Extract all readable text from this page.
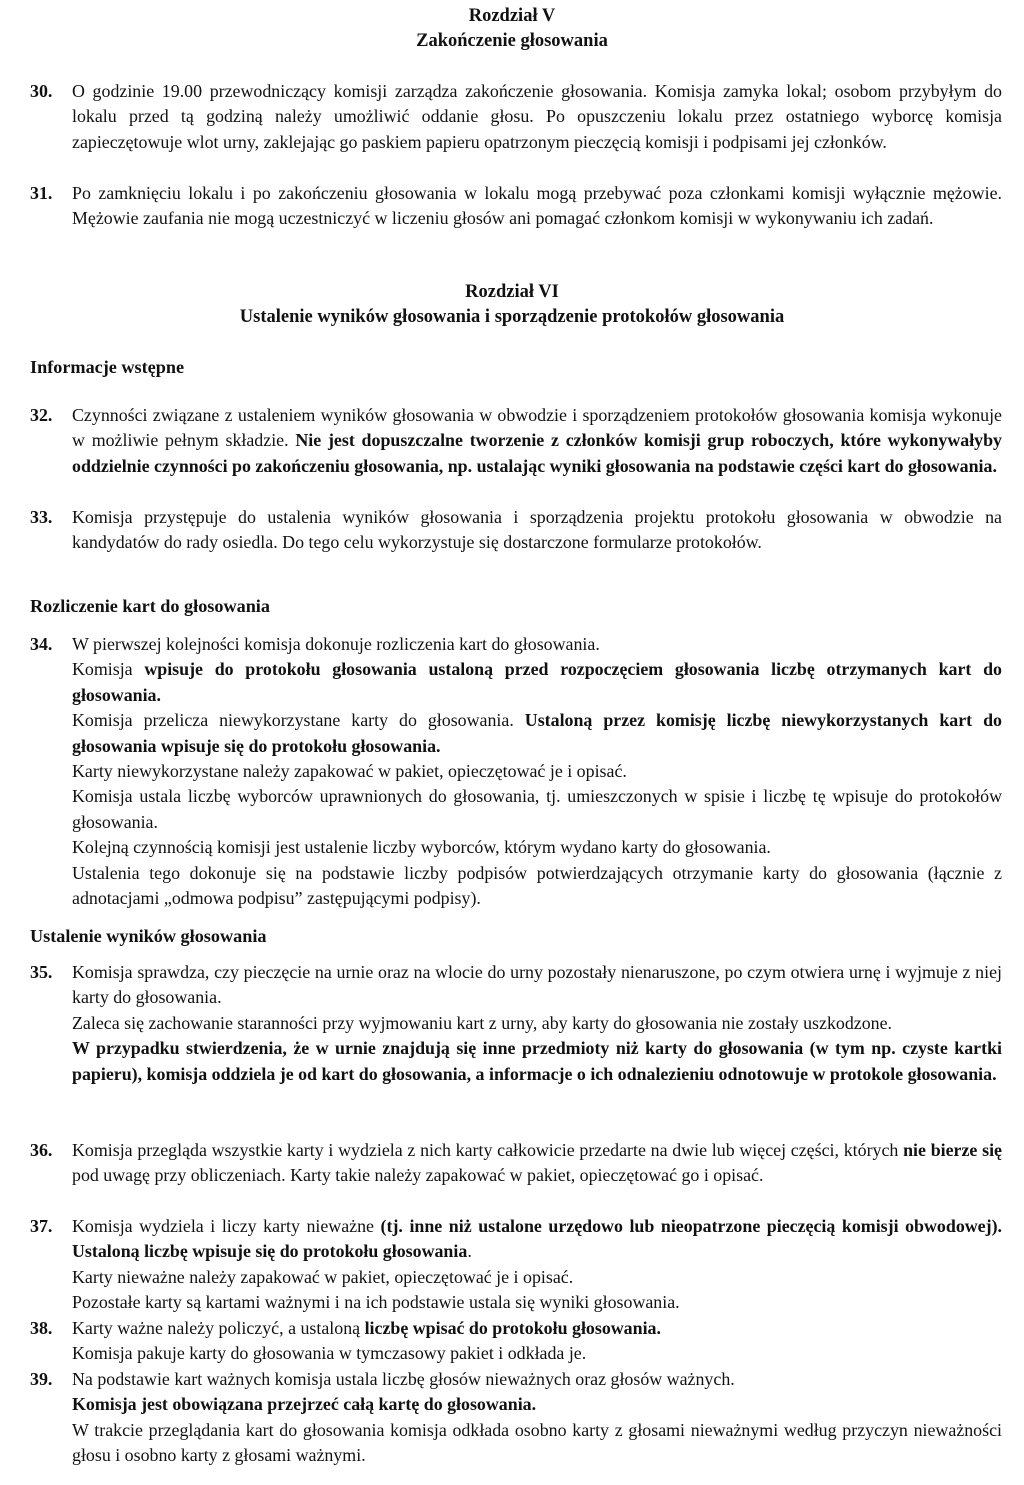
Rozdział V

Zakończenie głosowania

30. O godzinie 19.00 przewodniczący komisji zarządza zakończenie głosowania. Komisja zamyka lokal; osobom przybyłym do lokalu przed tą godziną należy umożliwić oddanie głosu. Po opuszczeniu lokalu przez ostatniego wyborcę komisja zapieczętowuje wlot urny, zaklejając go paskiem papieru opatrzonym pieczęcią komisji i podpisami jej członków.

31. Po zamknięciu lokalu i po zakończeniu głosowania w lokalu mogą przebywać poza członkami komisji wyłącznie mężowie. Mężowie zaufania nie mogą uczestniczyć w liczeniu głosów ani pomagać członkom komisji w wykonywaniu ich zadań.

Rozdział VI

Ustalenie wyników głosowania i sporządzenie protokołów głosowania

Informacje wstępne

32. Czynności związane z ustaleniem wyników głosowania w obwodzie i sporządzeniem protokołów głosowania komisja wykonuje w możliwie pełnym składzie. Nie jest dopuszczalne tworzenie z członków komisji grup roboczych, które wykonywałyby oddzielnie czynności po zakończeniu głosowania, np. ustalając wyniki głosowania na podstawie części kart do głosowania.

33. Komisja przystępuje do ustalenia wyników głosowania i sporządzenia projektu protokołu głosowania w obwodzie na kandydatów do rady osiedla. Do tego celu wykorzystuje się dostarczone formularze protokołów.

Rozliczenie kart do głosowania

34. W pierwszej kolejności komisja dokonuje rozliczenia kart do głosowania.

Komisja wpisuje do protokołu głosowania ustaloną przed rozpoczęciem głosowania liczbę otrzymanych kart do głosowania.

Komisja przelicza niewykorzystane karty do głosowania. Ustaloną przez komisję liczbę niewykorzystanych kart do głosowania wpisuje się do protokołu głosowania.

Karty niewykorzystane należy zapakować w pakiet, opieczętować je i opisać.

Komisja ustala liczbę wyborców uprawnionych do głosowania, tj. umieszczonych w spisie i liczbę tę wpisuje do protokołów głosowania.

Kolejną czynnością komisji jest ustalenie liczby wyborców, którym wydano karty do głosowania.

Ustalenia tego dokonuje się na podstawie liczby podpisów potwierdzających otrzymanie karty do głosowania (łącznie z adnotacjami „odmowa podpisu” zastępującymi podpisy).

Ustalenie wyników głosowania

35. Komisja sprawdza, czy pieczęcie na urnie oraz na wlocie do urny pozostały nienaruszone, po czym otwiera urnę i wyjmuje z niej karty do głosowania.

Zaleca się zachowanie staranności przy wyjmowaniu kart z urny, aby karty do głosowania nie zostały uszkodzone.

W przypadku stwierdzenia, że w urnie znajdują się inne przedmioty niż karty do głosowania (w tym np. czyste kartki papieru), komisja oddziela je od kart do głosowania, a informacje o ich odnalezieniu odnotowuje w protokole głosowania.

36. Komisja przegląda wszystkie karty i wydziela z nich karty całkowicie przedarte na dwie lub więcej części, których nie bierze się pod uwagę przy obliczeniach. Karty takie należy zapakować w pakiet, opieczętować go i opisać.

37. Komisja wydziela i liczy karty nieważne (tj. inne niż ustalone urzędowo lub nieopatrzone pieczęcią komisji obwodowej). Ustaloną liczbę wpisuje się do protokołu głosowania.

Karty nieważne należy zapakować w pakiet, opieczętować je i opisać.

Pozostałe karty są kartami ważnymi i na ich podstawie ustala się wyniki głosowania.

38. Karty ważne należy policzyć, a ustaloną liczbę wpisać do protokołu głosowania.

Komisja pakuje karty do głosowania w tymczasowy pakiet i odkłada je.

39. Na podstawie kart ważnych komisja ustala liczbę głosów nieważnych oraz głosów ważnych.

Komisja jest obowiązana przejrzeć całą kartę do głosowania.

W trakcie przeglądania kart do głosowania komisja odkłada osobno karty z głosami nieważnymi według przyczyn nieważności głosu i osobno karty z głosami ważnymi.
